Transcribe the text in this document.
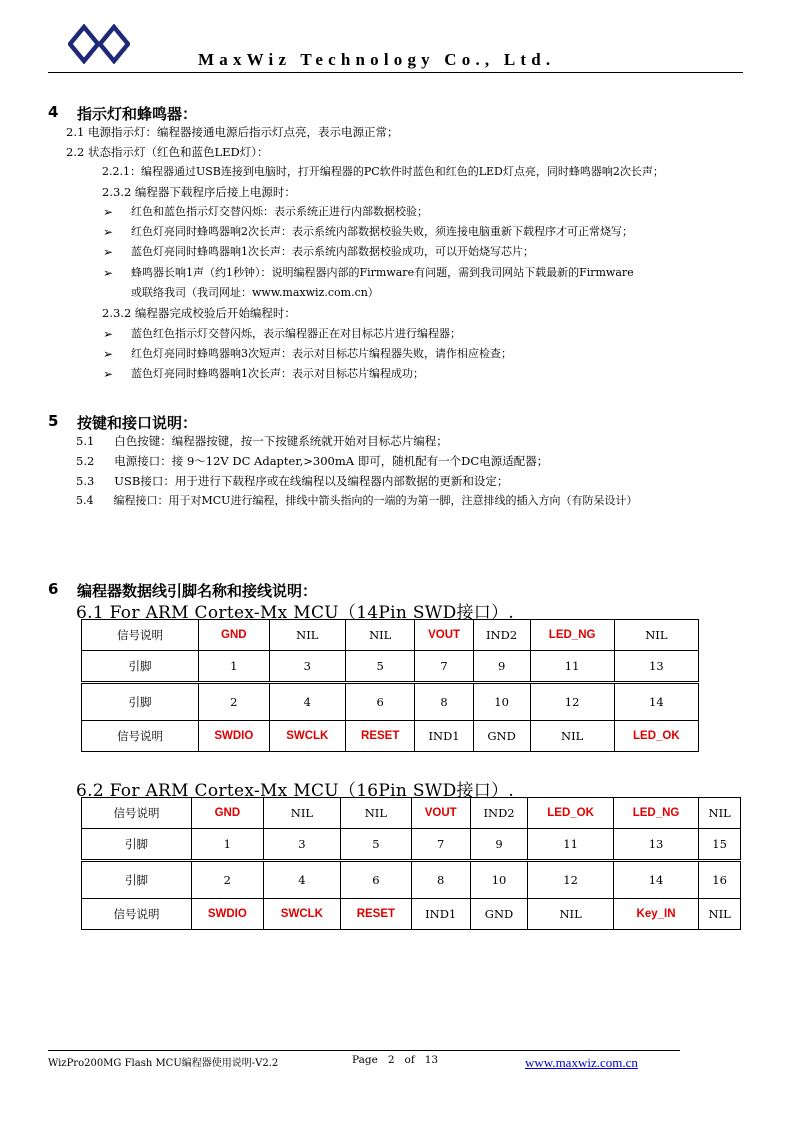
MaxWiz Technology Co., Ltd.
4 指示灯和蜂鸣器：
2.1 电源指示灯：编程器接通电源后指示灯点亮，表示电源正常；
2.2 状态指示灯（红色和蓝色LED灯）：
2.2.1：编程器通过USB连接到电脑时，打开编程器的PC软件时蓝色和红色的LED灯点亮，同时蜂鸣器响2次长声；
2.3.2 编程器下载程序后接上电源时：
➢ 红色和蓝色指示灯交替闪烁：表示系统正进行内部数据校验；
➢ 红色灯亮同时蜂鸣器响2次长声：表示系统内部数据校验失败，须连接电脑重新下载程序才可正常烧写；
➢ 蓝色灯亮同时蜂鸣器响1次长声：表示系统内部数据校验成功，可以开始烧写芯片；
➢ 蜂鸣器长响1声（约1秒钟）：说明编程器内部的Firmware有问题，需到我司网站下载最新的Firmware
或联络我司（我司网址：www.maxwiz.com.cn）
2.3.2 编程器完成校验后开始编程时：
➢ 蓝色红色指示灯交替闪烁，表示编程器正在对目标芯片进行编程器；
➢ 红色灯亮同时蜂鸣器响3次短声：表示对目标芯片编程器失败，请作相应检查；
➢ 蓝色灯亮同时蜂鸣器响1次长声：表示对目标芯片编程成功；
5 按键和接口说明：
5.1 白色按键：编程器按键，按一下按键系统就开始对目标芯片编程；
5.2 电源接口：接 9～12V DC Adapter,>300mA 即可，随机配有一个DC电源适配器；
5.3 USB接口：用于进行下载程序或在线编程以及编程器内部数据的更新和设定；
5.4 编程接口：用于对MCU进行编程，排线中箭头指向的一端的为第一脚，注意排线的插入方向（有防呆设计）
6 编程器数据线引脚名称和接线说明：
6.1 For ARM Cortex-Mx MCU（14Pin SWD接口）.
信号说明	GND	NIL	NIL	VOUT	IND2	LED_NG	NIL
引脚	1	3	5	7	9	11	13
引脚	2	4	6	8	10	12	14
信号说明	SWDIO	SWCLK	RESET	IND1	GND	NIL	LED_OK
6.2 For ARM Cortex-Mx MCU（16Pin SWD接口）.
信号说明	GND	NIL	NIL	VOUT	IND2	LED_OK	LED_NG	NIL
引脚	1	3	5	7	9	11	13	15
引脚	2	4	6	8	10	12	14	16
信号说明	SWDIO	SWCLK	RESET	IND1	GND	NIL	Key_IN	NIL
WizPro200MG Flash MCU编程器使用说明-V2.2	Page 2 of 13	www.maxwiz.com.cn
